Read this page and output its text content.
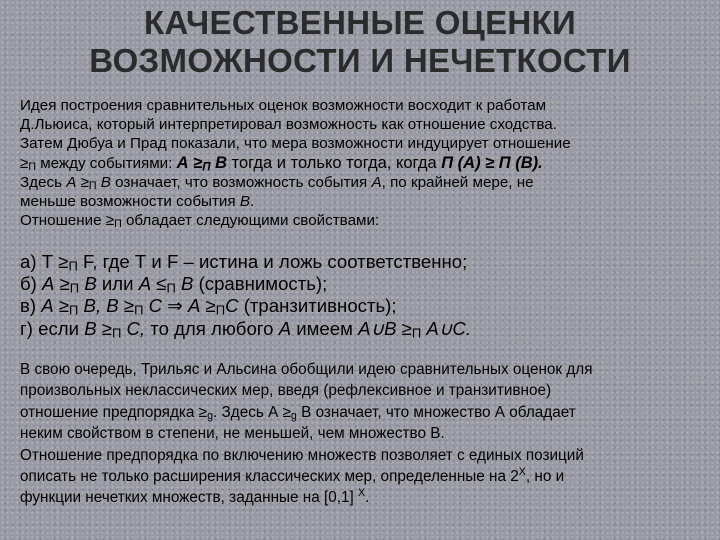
КАЧЕСТВЕННЫЕ ОЦЕНКИ
ВОЗМОЖНОСТИ И НЕЧЕТКОСТИ
Идея построения сравнительных оценок возможности восходит к работам
Д.Льюиса, который интерпретировал возможность как отношение сходства.
Затем Дюбуа и Прад показали, что мера возможности индуцирует отношение
$\ge_П$ между событиями: $А \ge_П$ В тогда и только тогда, когда П (А) ≥ П (В).
Здесь $А \ge_П$ В означает, что возможность события А, по крайней мере, не
меньше возможности события В.
Отношение $\ge_П$ обладает следующими свойствами:
а) $Т \ge_П$ F, где Т и F – истина и ложь соответственно;
б) $А \ge_П$ В или $А \le_П$ В (сравнимость);
в) $А \ge_П$ В, $В \ge_П$ С ⇒ $А \ge_ПС$ (транзитивность);
г) если $В \ge_П$ С, то для любого А имеем А∪В $\ge_П$ А∪С.
В свою очередь, Трильяс и Альсина обобщили идею сравнительных оценок для
произвольных неклассических мер, введя (рефлексивное и транзитивное)
отношение предпорядка $\ge_g$. Здесь $А \ge_g$ В означает, что множество А обладает
неким свойством в степени, не меньшей, чем множество В.
Отношение предпорядка по включению множеств позволяет с единых позиций
описать не только расширения классических мер, определенные на $2^X$, но и
функции нечетких множеств, заданные на [0,1] $^X$.
